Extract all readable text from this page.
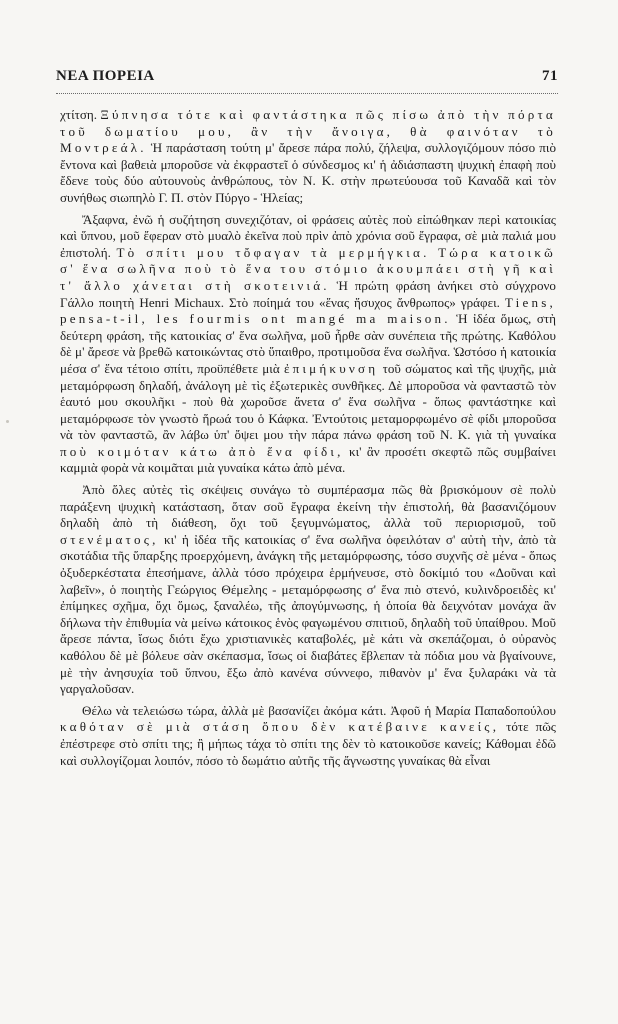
ΝΕΑ ΠΟΡΕΙΑ	71

χτίτση. Ξύπνησα τότε καὶ φαντάστηκα πῶς πίσω ἀπὸ τὴν πόρτα τοῦ δωματίου μου, ἂν τὴν ἄνοιγα, θὰ φαινόταν τὸ Μοντρεάλ. Ἡ παράσταση τούτη μ' ἄρεσε πάρα πολύ, ζήλεψα, συλλογιζόμουν πόσο πιὸ ἔντονα καὶ βαθειὰ μποροῦσε νὰ ἐκφραστεῖ ὁ σύνδεσμος κι' ἡ ἀδιάσπαστη ψυχικὴ ἐπαφὴ ποὺ ἔδενε τοὺς δύο αὐτουνοὺς ἀνθρώπους, τὸν Ν. Κ. στὴν πρωτεύουσα τοῦ Καναδᾶ καὶ τὸν συνήθως σιωπηλὸ Γ. Π. στὸν Πύργο - Ἡλείας;

Ἄξαφνα, ἐνῶ ἡ συζήτηση συνεχιζόταν, οἱ φράσεις αὐτὲς ποὺ εἰπώθηκαν περὶ κατοικίας καὶ ὕπνου, μοῦ ἔφεραν στὸ μυαλὸ ἐκεῖνα ποὺ πρὶν ἀπὸ χρόνια σοῦ ἔγραφα, σὲ μιὰ παλιά μου ἐπιστολή. Τὸ σπίτι μου τὄφαγαν τὰ μερμήγκια. Τώρα κατοικῶ σ' ἕνα σωλῆνα ποὺ τὸ ἕνα του στόμιο ἀκουμπάει στὴ γῆ καὶ τ' ἄλλο χάνεται στὴ σκοτεινιά. Ἡ πρώτη φράση ἀνήκει στὸ σύγχρονο Γάλλο ποιητὴ Henri Michaux. Στὸ ποίημά του «ἕνας ἥσυχος ἄνθρωπος» γράφει. Tiens, pensa-t-il, les fourmis ont mangé ma maison. Ἡ ἰδέα ὅμως, στὴ δεύτερη φράση, τῆς κατοικίας σ' ἕνα σωλῆνα, μοῦ ἦρθε σὰν συνέπεια τῆς πρώτης. Καθόλου δὲ μ' ἄρεσε νὰ βρεθῶ κατοικώντας στὸ ὕπαιθρο, προτιμοῦσα ἕνα σωλῆνα. Ὡστόσο ἡ κατοικία μέσα σ' ἕνα τέτοιο σπίτι, προϋπέθετε μιὰ ἐπιμήκυνση τοῦ σώματος καὶ τῆς ψυχῆς, μιὰ μεταμόρφωση δηλαδή, ἀνάλογη μὲ τὶς ἐξωτερικὲς συνθῆκες. Δὲ μποροῦσα νὰ φανταστῶ τὸν ἑαυτό μου σκουλῆκι - ποὺ θὰ χωροῦσε ἄνετα σ' ἕνα σωλῆνα - ὅπως φαντάστηκε καὶ μεταμόρφωσε τὸν γνωστὸ ἥρωά του ὁ Κάφκα. Ἐντούτοις μεταμορφωμένο σὲ φίδι μποροῦσα νὰ τὸν φανταστῶ, ἂν λάβω ὑπ' ὄψει μου τὴν πάρα πάνω φράση τοῦ Ν. Κ. γιὰ τὴ γυναίκα ποὺ κοιμόταν κάτω ἀπὸ ἕνα φίδι, κι' ἂν προσέτι σκεφτῶ πῶς συμβαίνει καμμιὰ φορὰ νὰ κοιμᾶται μιὰ γυναίκα κάτω ἀπὸ μένα.

Ἀπὸ ὅλες αὐτὲς τὶς σκέψεις συνάγω τὸ συμπέρασμα πῶς θὰ βρισκόμουν σὲ πολὺ παράξενη ψυχικὴ κατάσταση, ὅταν σοῦ ἔγραφα ἐκείνη τὴν ἐπιστολή, θὰ βασανιζόμουν δηλαδὴ ἀπὸ τὴ διάθεση, ὄχι τοῦ ξεγυμνώματος, ἀλλὰ τοῦ περιορισμοῦ, τοῦ στενέματος, κι' ἡ ἰδέα τῆς κατοικίας σ' ἕνα σωλῆνα ὀφειλόταν σ' αὐτὴ τὴν, ἀπὸ τὰ σκοτάδια τῆς ὕπαρξης προερχόμενη, ἀνάγκη τῆς μεταμόρφωσης, τόσο συχνῆς σὲ μένα - ὅπως ὀξυδερκέστατα ἐπεσήμανε, ἀλλὰ τόσο πρόχειρα ἑρμήνευσε, στὸ δοκίμιό του «Δοῦναι καὶ λαβεῖν», ὁ ποιητὴς Γεώργιος Θέμελης - μεταμόρφωσης σ' ἕνα πιὸ στενό, κυλινδροειδὲς κι' ἐπίμηκες σχῆμα, ὄχι ὅμως, ξαναλέω, τῆς ἀπογύμνωσης, ἡ ὁποία θὰ δειχνόταν μονάχα ἂν δήλωνα τὴν ἐπιθυμία νὰ μείνω κάτοικος ἑνὸς φαγωμένου σπιτιοῦ, δηλαδὴ τοῦ ὑπαίθρου. Μοῦ ἄρεσε πάντα, ἴσως διότι ἔχω χριστιανικὲς καταβολές, μὲ κάτι νὰ σκεπάζομαι, ὁ οὐρανὸς καθόλου δὲ μὲ βόλευε σὰν σκέπασμα, ἴσως οἱ διαβάτες ἔβλεπαν τὰ πόδια μου νὰ βγαίνουνε, μὲ τὴν ἀνησυχία τοῦ ὕπνου, ἔξω ἀπὸ κανένα σύννεφο, πιθανὸν μ' ἕνα ξυλαράκι νὰ τὰ γαργαλοῦσαν.

Θέλω νὰ τελειώσω τώρα, ἀλλὰ μὲ βασανίζει ἀκόμα κάτι. Ἀφοῦ ἡ Μαρία Παπαδοπούλου καθόταν σὲ μιὰ στάση ὅπου δὲν κατέβαινε κανείς, τότε πῶς ἐπέστρεφε στὸ σπίτι της; ἢ μήπως τάχα τὸ σπίτι της δὲν τὸ κατοικοῦσε κανείς; Κάθομαι ἐδῶ καὶ συλλογίζομαι λοιπόν, πόσο τὸ δωμάτιο αὐτῆς τῆς ἄγνωστης γυναίκας θὰ εἶναι
